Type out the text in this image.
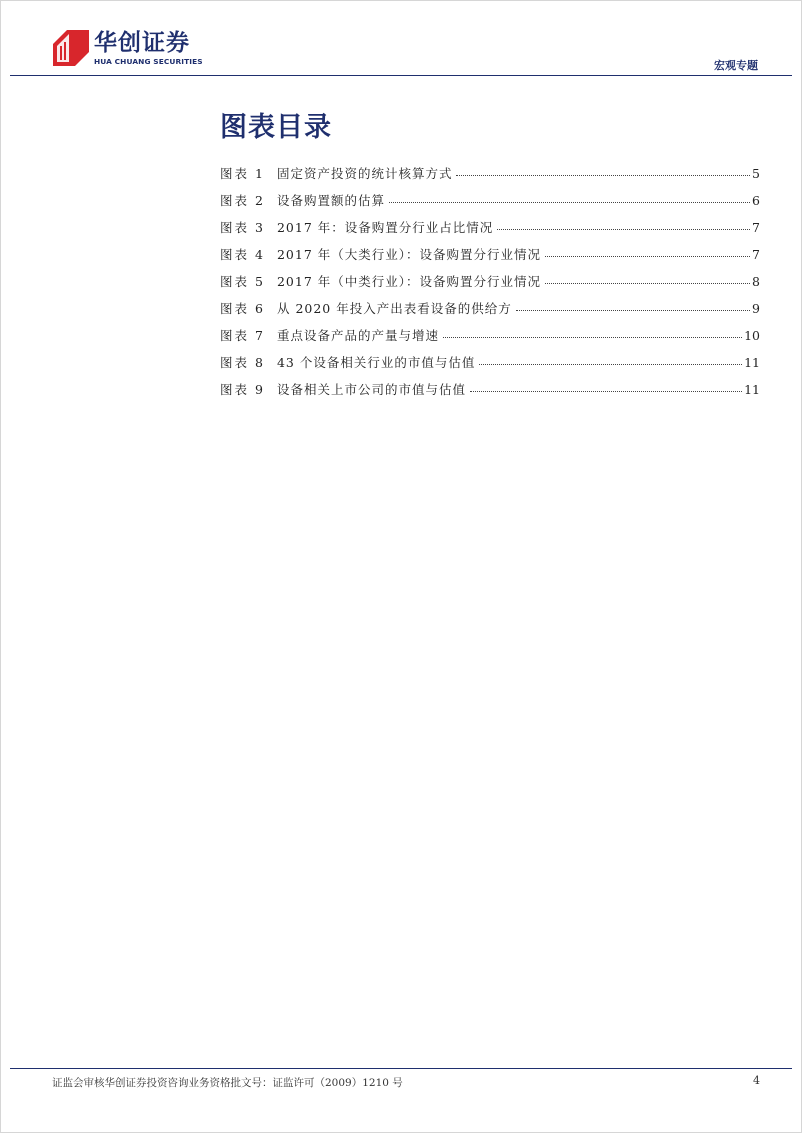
华创证券
HUA CHUANG SECURITIES	宏观专题
图表目录
图表 1 固定资产投资的统计核算方式	5
图表 2 设备购置额的估算	6
图表 3 2017 年：设备购置分行业占比情况	7
图表 4 2017 年（大类行业）：设备购置分行业情况	7
图表 5 2017 年（中类行业）：设备购置分行业情况	8
图表 6 从 2020 年投入产出表看设备的供给方	9
图表 7 重点设备产品的产量与增速	10
图表 8 43 个设备相关行业的市值与估值	11
图表 9 设备相关上市公司的市值与估值	11
证监会审核华创证券投资咨询业务资格批文号：证监许可（2009）1210 号	4
